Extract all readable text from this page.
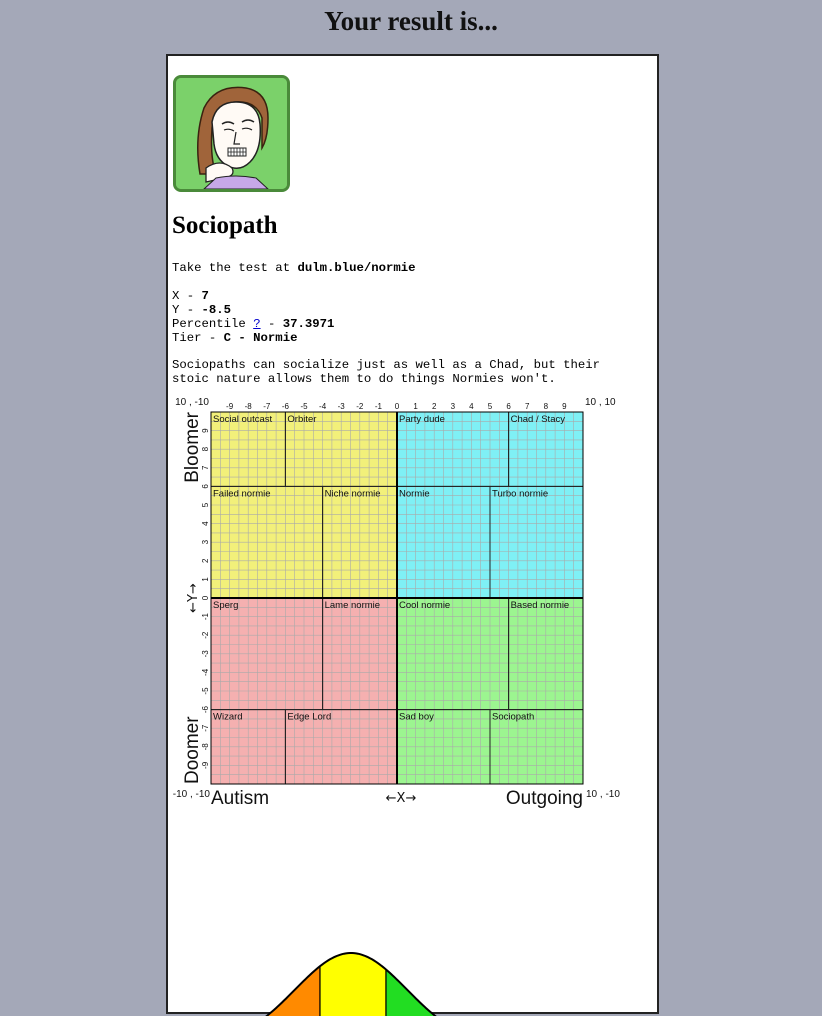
Your result is...
Sociopath
Take the test at dulm.blue/normie
X - 7
Y - -8.5
Percentile ? - 37.3971
Tier - C - Normie
Sociopaths can socialize just as well as a Chad, but their
stoic nature allows them to do things Normies won't.
Social outcast Orbiter	Party dude	Chad / Stacy
Failed normie	Niche normie Normie	Turbo normie
Sperg	Lame normie Cool normie	Based normie
Wizard	Edge Lord	Sad boy	Sociopath
-9 -8 -7 -6 -5 -4 -3 -2 -1 0 1 2 3 4 5 6 7 8 9
9
8
7
6
5
4
3
2
1
0
-1
-2
-3
-4
-5
-6
-7
-8
-9
10 , -10	10 , 10
-10 , -10	10 , -10
Autism	Outgoing
←X→
Bloomer
Doomer
←Y→
